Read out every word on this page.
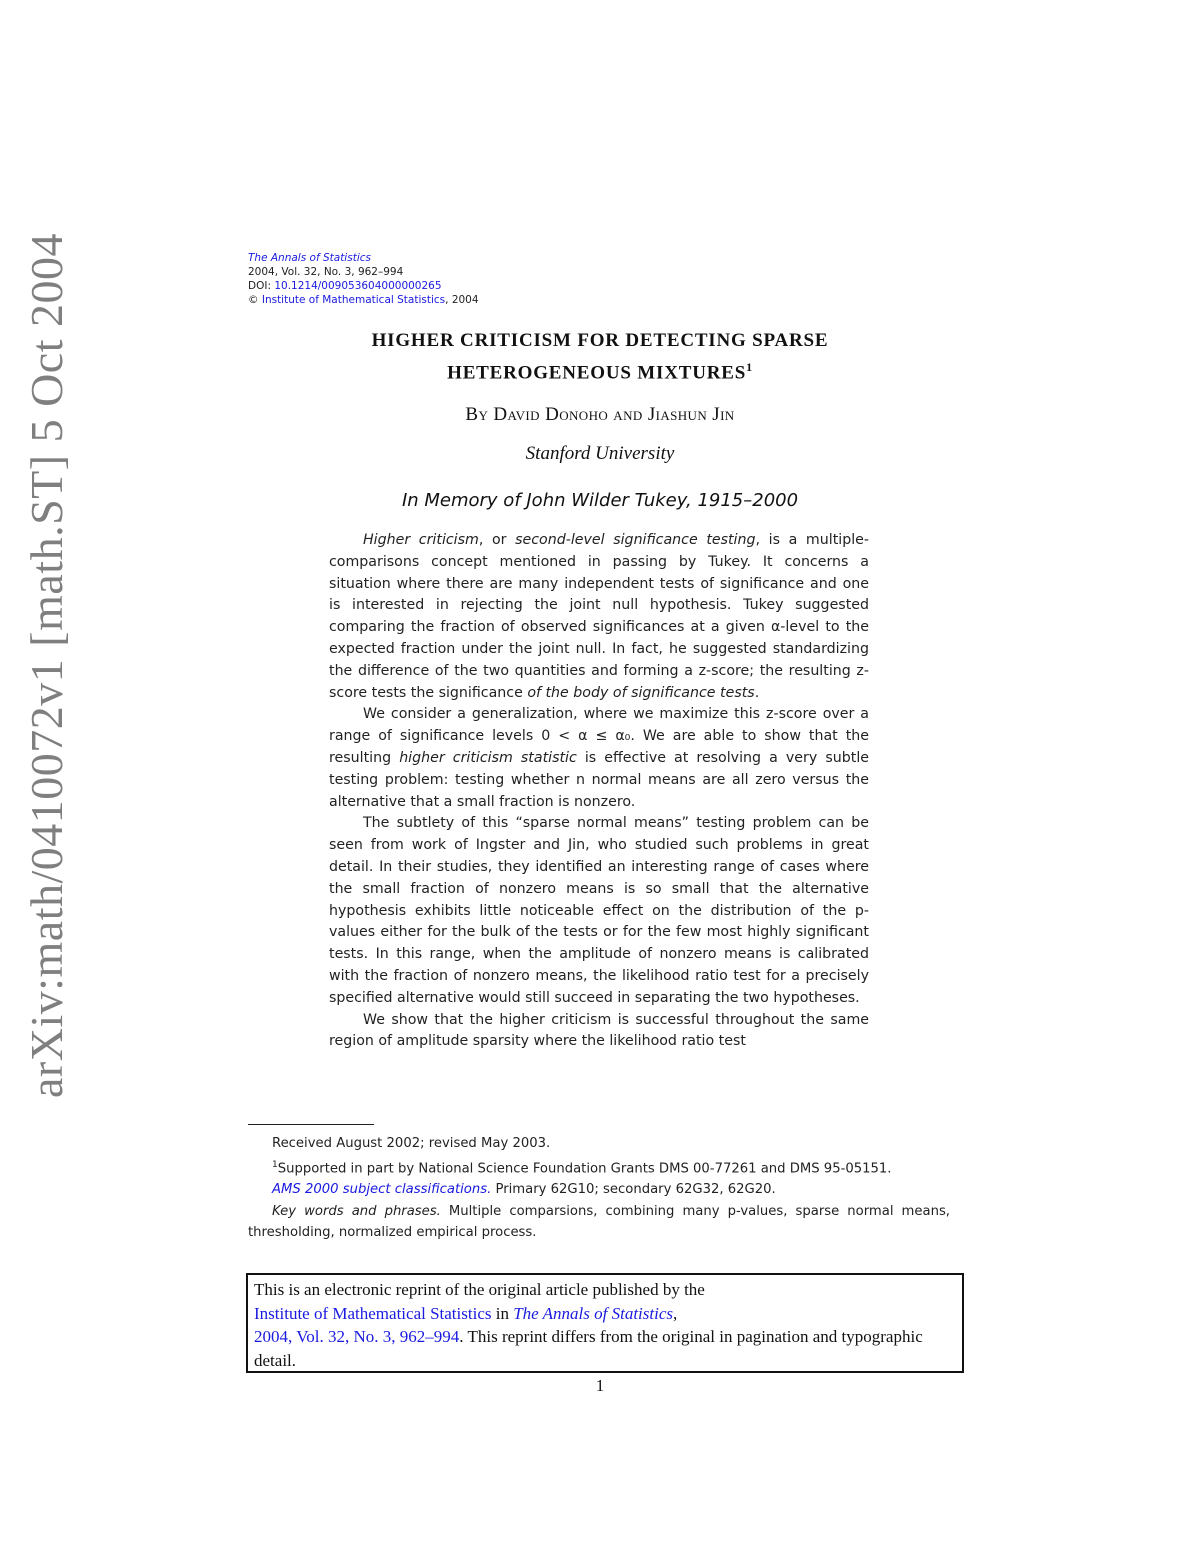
arXiv:math/0410072v1 [math.ST] 5 Oct 2004	The Annals of Statistics
2004, Vol. 32, No. 3, 962–994
DOI: 10.1214/009053604000000265
© Institute of Mathematical Statistics, 2004
HIGHER CRITICISM FOR DETECTING SPARSE
HETEROGENEOUS MIXTURES$^1$
By David Donoho and Jiashun Jin
Stanford University
In Memory of John Wilder Tukey, 1915–2000

Higher criticism, or second-level significance testing, is a multiple-comparisons concept mentioned in passing by Tukey. It concerns a situation where there are many independent tests of significance and one is interested in rejecting the joint null hypothesis. Tukey suggested comparing the fraction of observed significances at a given α-level to the expected fraction under the joint null. In fact, he suggested standardizing the difference of the two quantities and forming a z-score; the resulting z-score tests the significance of the body of significance tests.

We consider a generalization, where we maximize this z-score over a range of significance levels 0 < α ≤ α₀. We are able to show that the resulting higher criticism statistic is effective at resolving a very subtle testing problem: testing whether n normal means are all zero versus the alternative that a small fraction is nonzero.

The subtlety of this “sparse normal means” testing problem can be seen from work of Ingster and Jin, who studied such problems in great detail. In their studies, they identified an interesting range of cases where the small fraction of nonzero means is so small that the alternative hypothesis exhibits little noticeable effect on the distribution of the p-values either for the bulk of the tests or for the few most highly significant tests. In this range, when the amplitude of nonzero means is calibrated with the fraction of nonzero means, the likelihood ratio test for a precisely specified alternative would still succeed in separating the two hypotheses.

We show that the higher criticism is successful throughout the same region of amplitude sparsity where the likelihood ratio test

Received August 2002; revised May 2003.

$^1$Supported in part by National Science Foundation Grants DMS 00-77261 and DMS 95-05151.

AMS 2000 subject classifications. Primary 62G10; secondary 62G32, 62G20.

Key words and phrases. Multiple comparsions, combining many p-values, sparse normal means, thresholding, normalized empirical process.

This is an electronic reprint of the original article published by the
Institute of Mathematical Statistics in The Annals of Statistics,
2004, Vol. 32, No. 3, 962–994. This reprint differs from the original in pagination and typographic detail.
1
